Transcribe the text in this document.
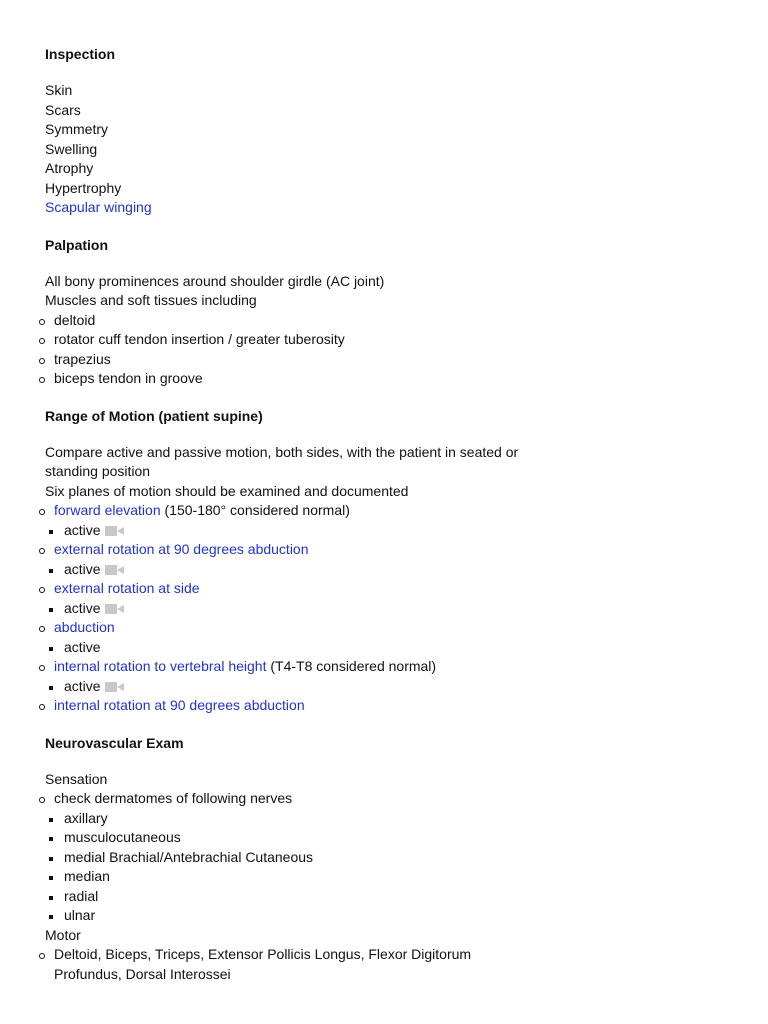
Inspection
Skin
Scars
Symmetry
Swelling
Atrophy
Hypertrophy
Scapular winging
Palpation
All bony prominences around shoulder girdle (AC joint)
Muscles and soft tissues including
deltoid
rotator cuff tendon insertion / greater tuberosity
trapezius
biceps tendon in groove
Range of Motion (patient supine)
Compare active and passive motion, both sides, with the patient in seated or standing position
Six planes of motion should be examined and documented
forward elevation (150-180° considered normal)
active
external rotation at 90 degrees abduction
active
external rotation at side
active
abduction
active
internal rotation to vertebral height (T4-T8 considered normal)
active
internal rotation at 90 degrees abduction
Neurovascular Exam
Sensation
check dermatomes of following nerves
axillary
musculocutaneous
medial Brachial/Antebrachial Cutaneous
median
radial
ulnar
Motor
Deltoid, Biceps, Triceps, Extensor Pollicis Longus, Flexor Digitorum Profundus, Dorsal Interossei
